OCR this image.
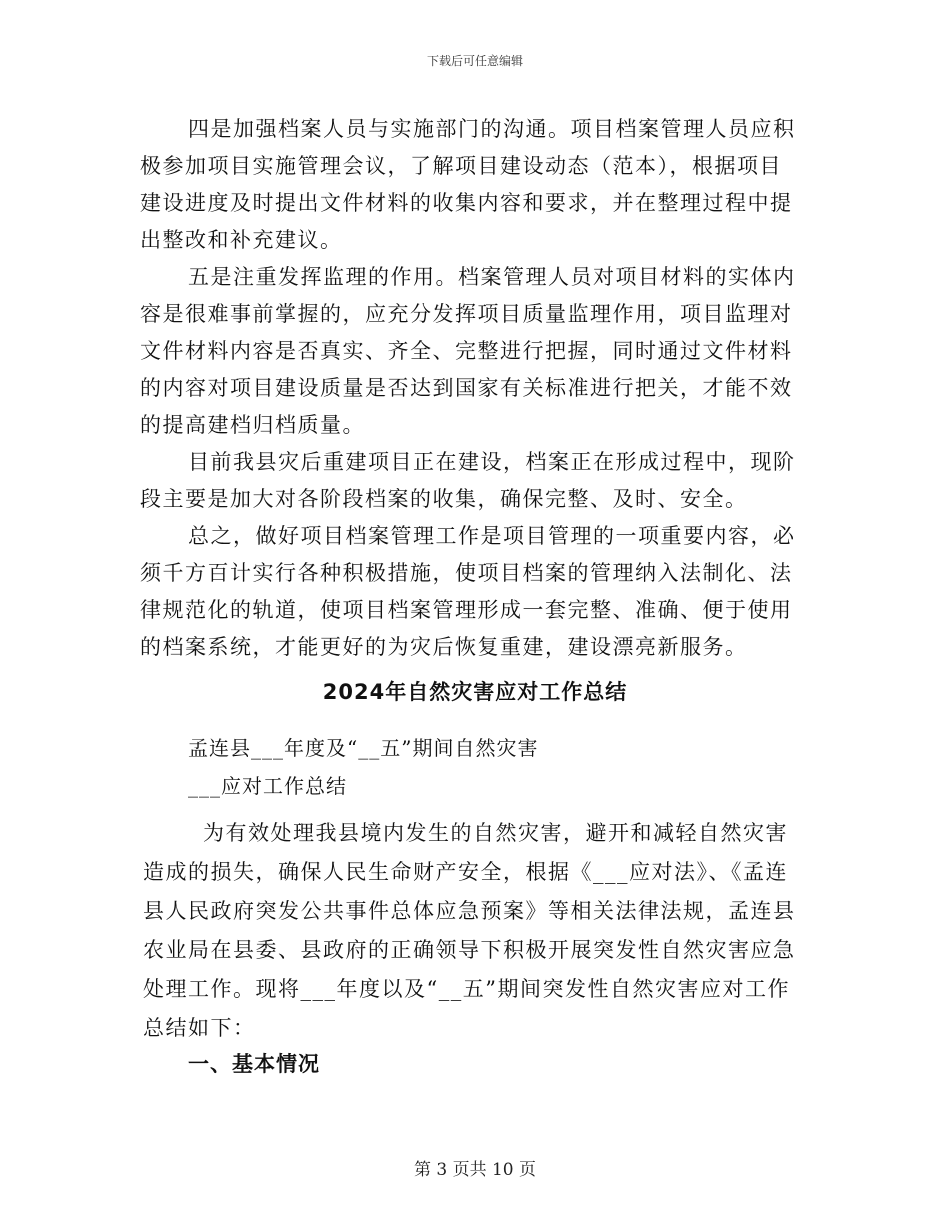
下载后可任意编辑

四是加强档案人员与实施部门的沟通。项目档案管理人员应积极参加项目实施管理会议，了解项目建设动态（范本），根据项目建设进度及时提出文件材料的收集内容和要求，并在整理过程中提出整改和补充建议。

五是注重发挥监理的作用。档案管理人员对项目材料的实体内容是很难事前掌握的，应充分发挥项目质量监理作用，项目监理对文件材料内容是否真实、齐全、完整进行把握，同时通过文件材料的内容对项目建设质量是否达到国家有关标准进行把关，才能不效的提高建档归档质量。

目前我县灾后重建项目正在建设，档案正在形成过程中，现阶段主要是加大对各阶段档案的收集，确保完整、及时、安全。

总之，做好项目档案管理工作是项目管理的一项重要内容，必须千方百计实行各种积极措施，使项目档案的管理纳入法制化、法律规范化的轨道，使项目档案管理形成一套完整、准确、便于使用的档案系统，才能更好的为灾后恢复重建，建设漂亮新服务。

2024年自然灾害应对工作总结
孟连县___年度及“__五”期间自然灾害
___应对工作总结

为有效处理我县境内发生的自然灾害，避开和减轻自然灾害造成的损失，确保人民生命财产安全，根据《___应对法》、《孟连县人民政府突发公共事件总体应急预案》等相关法律法规，孟连县农业局在县委、县政府的正确领导下积极开展突发性自然灾害应急处理工作。现将___年度以及“__五”期间突发性自然灾害应对工作总结如下：

一、基本情况
第 3 页共 10 页
